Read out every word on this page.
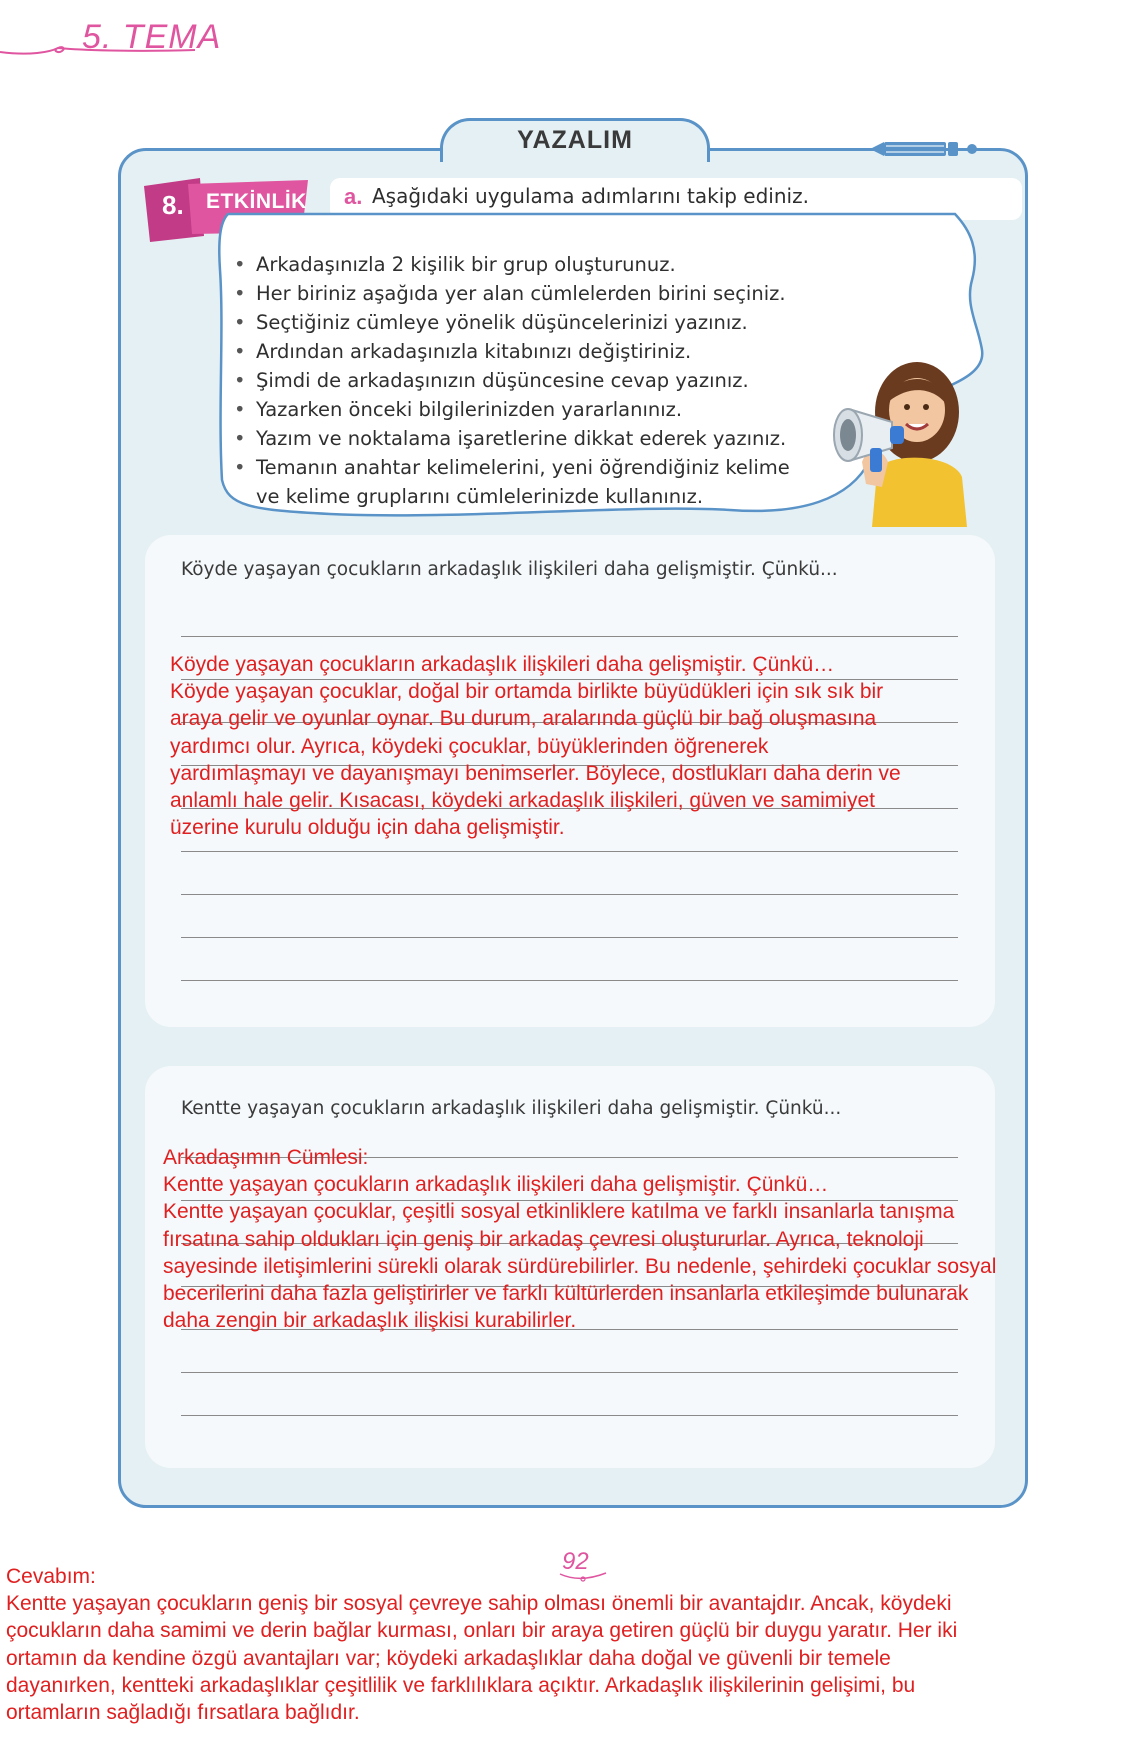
5. TEMA
YAZALIM
8. ETKİNLİK a. Aşağıdaki uygulama adımlarını takip ediniz.
• Arkadaşınızla 2 kişilik bir grup oluşturunuz.
• Her biriniz aşağıda yer alan cümlelerden birini seçiniz.
• Seçtiğiniz cümleye yönelik düşüncelerinizi yazınız.
• Ardından arkadaşınızla kitabınızı değiştiriniz.
• Şimdi de arkadaşınızın düşüncesine cevap yazınız.
• Yazarken önceki bilgilerinizden yararlanınız.
• Yazım ve noktalama işaretlerine dikkat ederek yazınız.
• Temanın anahtar kelimelerini, yeni öğrendiğiniz kelime ve kelime gruplarını cümlelerinizde kullanınız.
Köyde yaşayan çocukların arkadaşlık ilişkileri daha gelişmiştir. Çünkü...
Köyde yaşayan çocukların arkadaşlık ilişkileri daha gelişmiştir. Çünkü…
Köyde yaşayan çocuklar, doğal bir ortamda birlikte büyüdükleri için sık sık bir
araya gelir ve oyunlar oynar. Bu durum, aralarında güçlü bir bağ oluşmasına
yardımcı olur. Ayrıca, köydeki çocuklar, büyüklerinden öğrenerek
yardımlaşmayı ve dayanışmayı benimserler. Böylece, dostlukları daha derin ve
anlamlı hale gelir. Kısacası, köydeki arkadaşlık ilişkileri, güven ve samimiyet
üzerine kurulu olduğu için daha gelişmiştir.
Kentte yaşayan çocukların arkadaşlık ilişkileri daha gelişmiştir. Çünkü...
Arkadaşımın Cümlesi:
Kentte yaşayan çocukların arkadaşlık ilişkileri daha gelişmiştir. Çünkü…
Kentte yaşayan çocuklar, çeşitli sosyal etkinliklere katılma ve farklı insanlarla tanışma
fırsatına sahip oldukları için geniş bir arkadaş çevresi oluştururlar. Ayrıca, teknoloji
sayesinde iletişimlerini sürekli olarak sürdürebilirler. Bu nedenle, şehirdeki çocuklar sosyal
becerilerini daha fazla geliştirirler ve farklı kültürlerden insanlarla etkileşimde bulunarak
daha zengin bir arkadaşlık ilişkisi kurabilirler.
92
Cevabım:
Kentte yaşayan çocukların geniş bir sosyal çevreye sahip olması önemli bir avantajdır. Ancak, köydeki
çocukların daha samimi ve derin bağlar kurması, onları bir araya getiren güçlü bir duygu yaratır. Her iki
ortamın da kendine özgü avantajları var; köydeki arkadaşlıklar daha doğal ve güvenli bir temele
dayanırken, kentteki arkadaşlıklar çeşitlilik ve farklılıklara açıktır. Arkadaşlık ilişkilerinin gelişimi, bu
ortamların sağladığı fırsatlara bağlıdır.
